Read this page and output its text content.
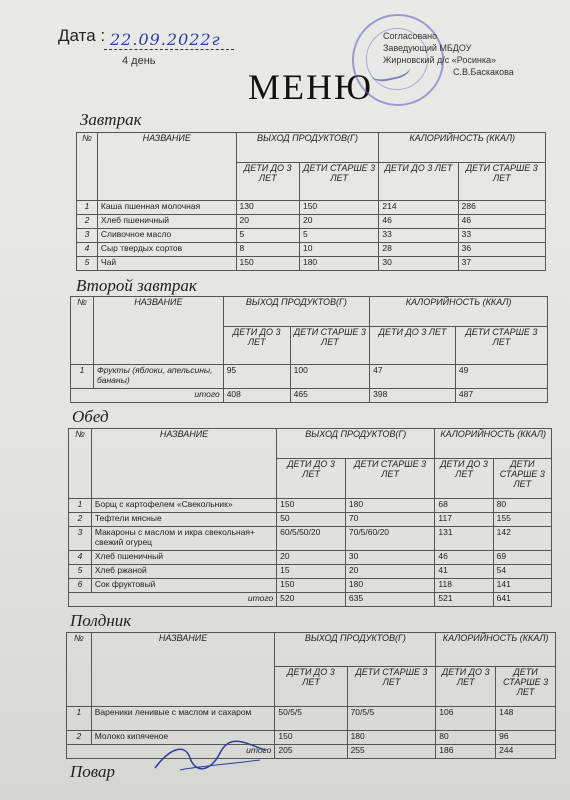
Дата : 22.09.2022г
4 день
МЕНЮ
Согласовано
Заведующий МБДОУ
Жирновский д/с «Росинка»
С.В.Баскакова
Завтрак
№	НАЗВАНИЕ	ВЫХОД ПРОДУКТОВ(Г)		КАЛОРИЙНОСТЬ (ККАЛ)	
		ДЕТИ ДО 3 ЛЕТ	ДЕТИ СТАРШЕ 3 ЛЕТ	ДЕТИ ДО 3 ЛЕТ	ДЕТИ СТАРШЕ 3 ЛЕТ
1	Каша пшенная молочная	130	150	214	286
2	Хлеб пшеничный	20	20	46	46
3	Сливочное масло	5	5	33	33
4	Сыр твердых сортов	8	10	28	36
5	Чай	150	180	30	37
Второй завтрак
№	НАЗВАНИЕ	ВЫХОД ПРОДУКТОВ(Г)		КАЛОРИЙНОСТЬ (ККАЛ)	
		ДЕТИ ДО 3 ЛЕТ	ДЕТИ СТАРШЕ 3 ЛЕТ	ДЕТИ ДО 3 ЛЕТ	ДЕТИ СТАРШЕ 3 ЛЕТ
1	Фрукты (яблоки, апельсины, бананы)	95	100	47	49
итого		408	465	398	487
Обед
№	НАЗВАНИЕ	ВЫХОД ПРОДУКТОВ(Г)		КАЛОРИЙНОСТЬ (ККАЛ)	
		ДЕТИ ДО 3 ЛЕТ	ДЕТИ СТАРШЕ 3 ЛЕТ	ДЕТИ ДО 3 ЛЕТ	ДЕТИ СТАРШЕ 3 ЛЕТ
1	Борщ с картофелем «Свекольник»	150	180	68	80
2	Тефтели мясные	50	70	117	155
3	Макароны с маслом и икра свекольная+ свежий огурец	60/5/50/20	70/5/60/20	131	142
4	Хлеб пшеничный	20	30	46	69
5	Хлеб ржаной	15	20	41	54
6	Сок фруктовый	150	180	118	141
итого		520	635	521	641
Полдник
№	НАЗВАНИЕ	ВЫХОД ПРОДУКТОВ(Г)		КАЛОРИЙНОСТЬ (ККАЛ)	
		ДЕТИ ДО 3 ЛЕТ	ДЕТИ СТАРШЕ 3 ЛЕТ	ДЕТИ ДО 3 ЛЕТ	ДЕТИ СТАРШЕ 3 ЛЕТ
1	Вареники ленивые с маслом и сахаром	50/5/5	70/5/5	106	148
2	Молоко кипяченое	150	180	80	96
итого		205	255	186	244
Повар
